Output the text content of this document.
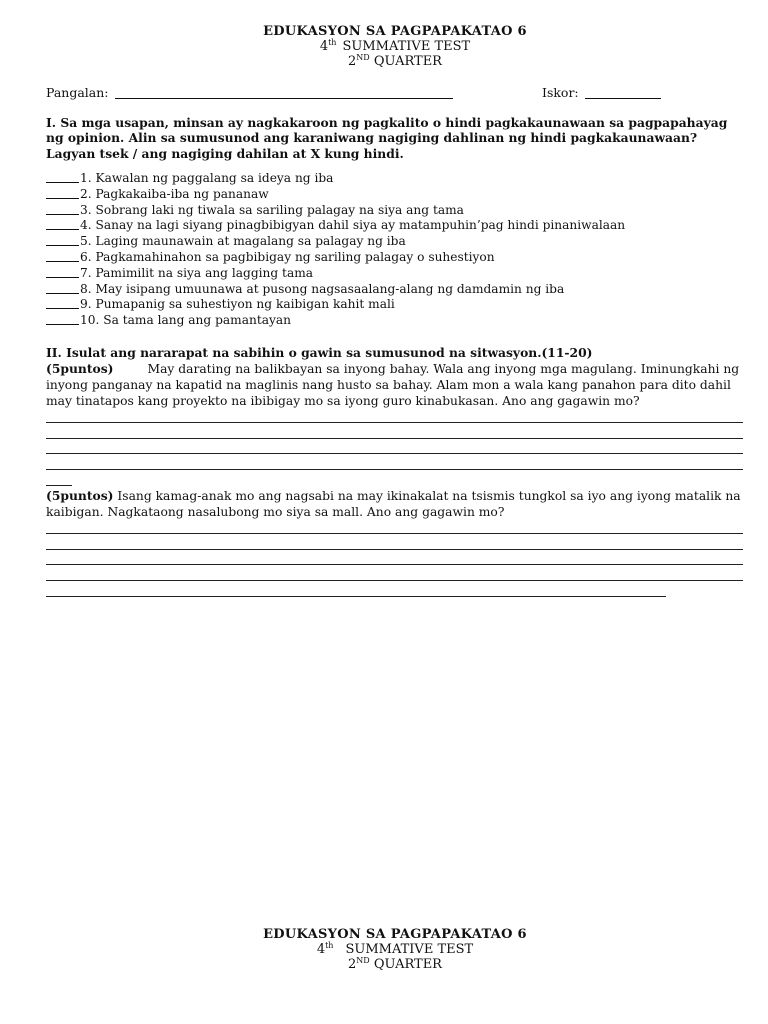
EDUKASYON SA PAGPAPAKATAO 6
4th SUMMATIVE TEST
2ND QUARTER
Pangalan:	Iskor:
I. Sa mga usapan, minsan ay nagkakaroon ng pagkalito o hindi pagkakaunawaan sa pagpapahayag ng opinion. Alin sa sumusunod ang karaniwang nagiging dahlinan ng hindi pagkakaunawaan? Lagyan tsek / ang nagiging dahilan at X kung hindi.
1. Kawalan ng paggalang sa ideya ng iba
2. Pagkakaiba-iba ng pananaw
3. Sobrang laki ng tiwala sa sariling palagay na siya ang tama
4. Sanay na lagi siyang pinagbibigyan dahil siya ay matampuhin’pag hindi pinaniwalaan
5. Laging maunawain at magalang sa palagay ng iba
6. Pagkamahinahon sa pagbibigay ng sariling palagay o suhestiyon
7. Pamimilit na siya ang lagging tama
8. May isipang umuunawa at pusong nagsasaalang-alang ng damdamin ng iba
9. Pumapanig sa suhestiyon ng kaibigan kahit mali
10. Sa tama lang ang pamantayan
II. Isulat ang nararapat na sabihin o gawin sa sumusunod na sitwasyon.(11-20)
(5puntos)	May darating na balikbayan sa inyong bahay. Wala ang inyong mga magulang. Iminungkahi ng inyong panganay na kapatid na maglinis nang husto sa bahay. Alam mon a wala kang panahon para dito dahil may tinatapos kang proyekto na ibibigay mo sa iyong guro kinabukasan. Ano ang gagawin mo?
(5puntos) Isang kamag-anak mo ang nagsabi na may ikinakalat na tsismis tungkol sa iyo ang iyong matalik na kaibigan. Nagkataong nasalubong mo siya sa mall. Ano ang gagawin mo?
EDUKASYON SA PAGPAPAKATAO 6
4th SUMMATIVE TEST
2ND QUARTER
